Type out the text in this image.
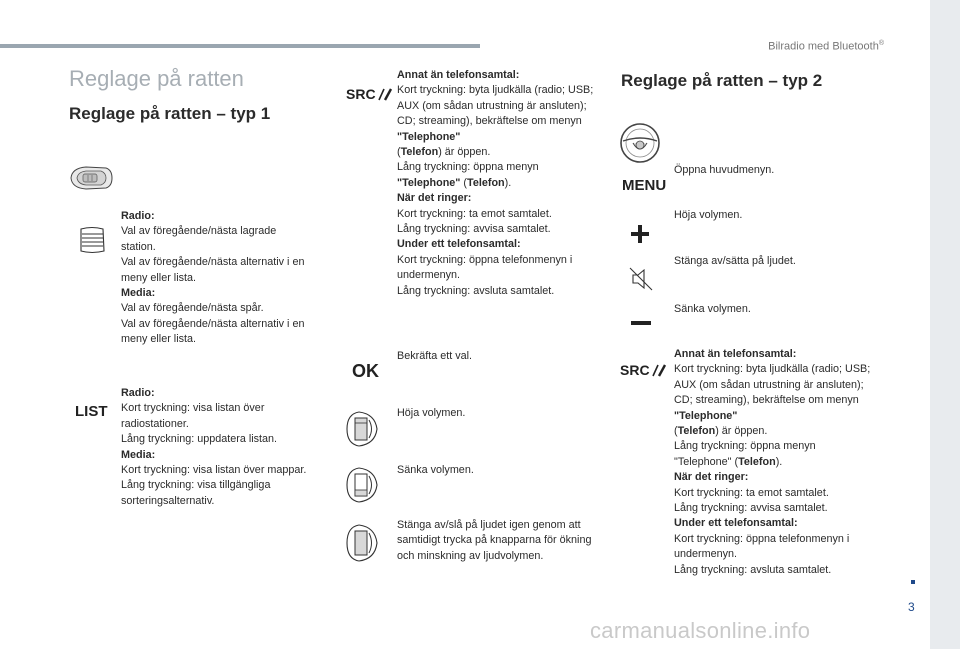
Bilradio med Bluetooth®
Reglage på ratten
Reglage på ratten – typ 1
Radio:
Val av föregående/nästa lagrade station.
Val av föregående/nästa alternativ i en meny eller lista.
Media:
Val av föregående/nästa spår.
Val av föregående/nästa alternativ i en meny eller lista.
LIST
Radio:
Kort tryckning: visa listan över radiostationer.
Lång tryckning: uppdatera listan.
Media:
Kort tryckning: visa listan över mappar.
Lång tryckning: visa tillgängliga sorteringsalternativ.
SRC
Annat än telefonsamtal:
Kort tryckning: byta ljudkälla (radio; USB; AUX (om sådan utrustning är ansluten); CD; streaming), bekräftelse om menyn "Telephone"
(Telefon) är öppen.
Lång tryckning: öppna menyn
"Telephone" (Telefon).
När det ringer:
Kort tryckning: ta emot samtalet.
Lång tryckning: avvisa samtalet.
Under ett telefonsamtal:
Kort tryckning: öppna telefonmenyn i undermenyn.
Lång tryckning: avsluta samtalet.
OK
Bekräfta ett val.
Höja volymen.
Sänka volymen.
Stänga av/slå på ljudet igen genom att samtidigt trycka på knapparna för ökning och minskning av ljudvolymen.
Reglage på ratten – typ 2
MENU
Öppna huvudmenyn.
Höja volymen.
Stänga av/sätta på ljudet.
Sänka volymen.
SRC
Annat än telefonsamtal:
Kort tryckning: byta ljudkälla (radio; USB; AUX (om sådan utrustning är ansluten); CD; streaming), bekräftelse om menyn "Telephone"
(Telefon) är öppen.
Lång tryckning: öppna menyn "Telephone" (Telefon).
När det ringer:
Kort tryckning: ta emot samtalet.
Lång tryckning: avvisa samtalet.
Under ett telefonsamtal:
Kort tryckning: öppna telefonmenyn i undermenyn.
Lång tryckning: avsluta samtalet.
3
carmanualsonline.info
